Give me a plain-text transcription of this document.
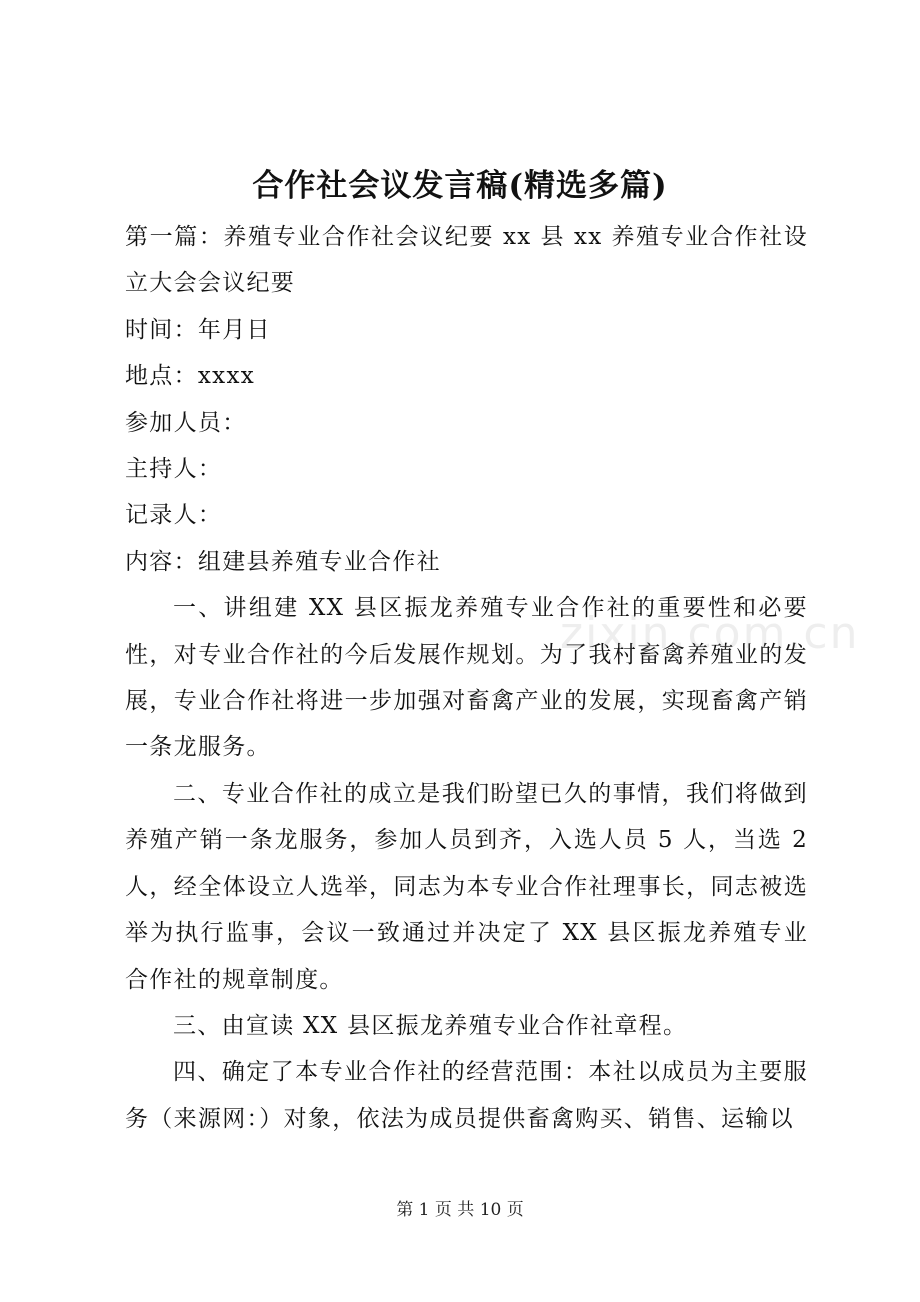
合作社会议发言稿(精选多篇)

第一篇：养殖专业合作社会议纪要 xx 县 xx 养殖专业合作社设立大会会议纪要

时间：年月日

地点：xxxx

参加人员：

主持人：

记录人：

内容：组建县养殖专业合作社

一、讲组建 XX 县区振龙养殖专业合作社的重要性和必要性，对专业合作社的今后发展作规划。为了我村畜禽养殖业的发展，专业合作社将进一步加强对畜禽产业的发展，实现畜禽产销一条龙服务。

二、专业合作社的成立是我们盼望已久的事情，我们将做到养殖产销一条龙服务，参加人员到齐，入选人员 5 人，当选 2 人，经全体设立人选举，同志为本专业合作社理事长，同志被选举为执行监事，会议一致通过并决定了 XX 县区振龙养殖专业合作社的规章制度。

三、由宣读 XX 县区振龙养殖专业合作社章程。

四、确定了本专业合作社的经营范围：本社以成员为主要服务（来源网：）对象，依法为成员提供畜禽购买、销售、运输以

zixin.com.cn
第 1 页 共 10 页
